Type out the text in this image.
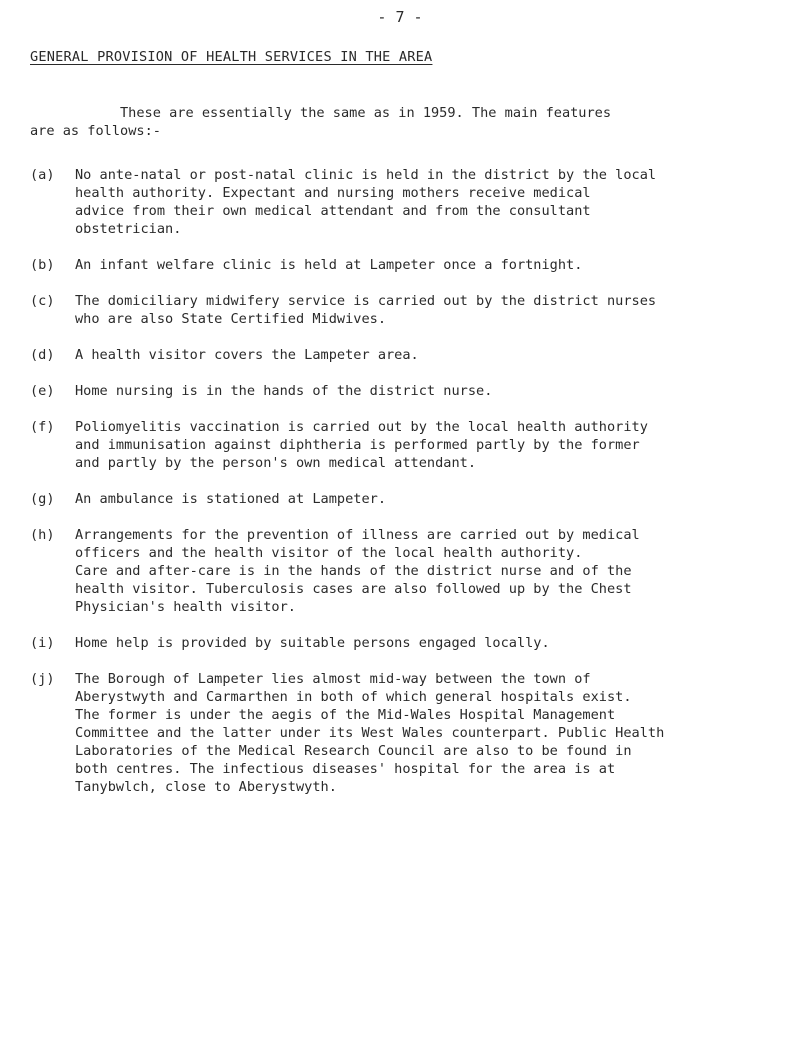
- 7 -
GENERAL PROVISION OF HEALTH SERVICES IN THE AREA
These are essentially the same as in 1959. The main features
are as follows:-
(a)	No ante-natal or post-natal clinic is held in the district by the local
health authority. Expectant and nursing mothers receive medical
advice from their own medical attendant and from the consultant
obstetrician.
(b)	An infant welfare clinic is held at Lampeter once a fortnight.
(c)	The domiciliary midwifery service is carried out by the district nurses
who are also State Certified Midwives.
(d)	A health visitor covers the Lampeter area.
(e)	Home nursing is in the hands of the district nurse.
(f)	Poliomyelitis vaccination is carried out by the local health authority
and immunisation against diphtheria is performed partly by the former
and partly by the person's own medical attendant.
(g)	An ambulance is stationed at Lampeter.
(h)	Arrangements for the prevention of illness are carried out by medical
officers and the health visitor of the local health authority.
Care and after-care is in the hands of the district nurse and of the
health visitor. Tuberculosis cases are also followed up by the Chest
Physician's health visitor.
(i)	Home help is provided by suitable persons engaged locally.
(j)	The Borough of Lampeter lies almost mid-way between the town of
Aberystwyth and Carmarthen in both of which general hospitals exist.
The former is under the aegis of the Mid-Wales Hospital Management
Committee and the latter under its West Wales counterpart. Public Health
Laboratories of the Medical Research Council are also to be found in
both centres. The infectious diseases' hospital for the area is at
Tanybwlch, close to Aberystwyth.
